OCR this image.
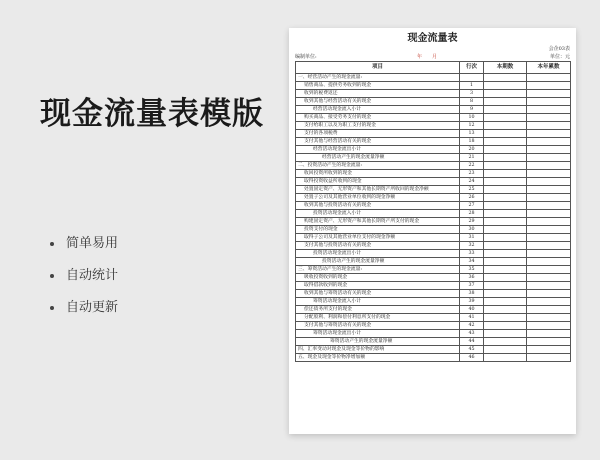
现金流量表模版
简单易用
自动统计
自动更新
现金流量表
会企03表
编制单位:	年　　月	单位：元
项目	行次	本期数	本年累数
一、经营活动产生的现金流量:			
销售商品、提供劳务收到的现金	1		
收到的税费返还	3		
收到其他与经营活动有关的现金	8		
经营活动现金流入小计	9		
购买商品、接受劳务支付的现金	10		
支付给职工以及为职工支付的现金	12		
支付的各项税费	13		
支付其他与经营活动有关的现金	18		
经营活动现金流出小计	20		
经营活动产生的现金流量净额	21		
二、投资活动产生的现金流量:	22		
收回投资所收到的现金	23		
取得投资收益所收到的现金	24		
处置固定资产、无形资产和其他长期资产所收回的现金净额	25		
处置子公司及其他营业单位收到的现金净额	26		
收到其他与投资活动有关的现金	27		
投资活动现金流入小计	28		
购建固定资产、无形资产和其他长期资产所支付的现金	29		
投资支付的现金	30		
取得子公司及其他营业单位支付的现金净额	31		
支付其他与投资活动有关的现金	32		
投资活动现金流出小计	33		
投资活动产生的现金流量净额	34		
三、筹资活动产生的现金流量:	35		
吸收投资收到的现金	36		
取得借款收到的现金	37		
收到其他与筹资活动有关的现金	38		
筹资活动现金流入小计	39		
偿还债务所支付的现金	40		
分配股利、利润和偿付利息所支付的现金	41		
支付其他与筹资活动有关的现金	42		
筹资活动现金流出小计	43		
筹资活动产生的现金流量净额	44		
四、汇率变动对现金及现金等价物的影响	45		
五、现金及现金等价物净增加额	46		
